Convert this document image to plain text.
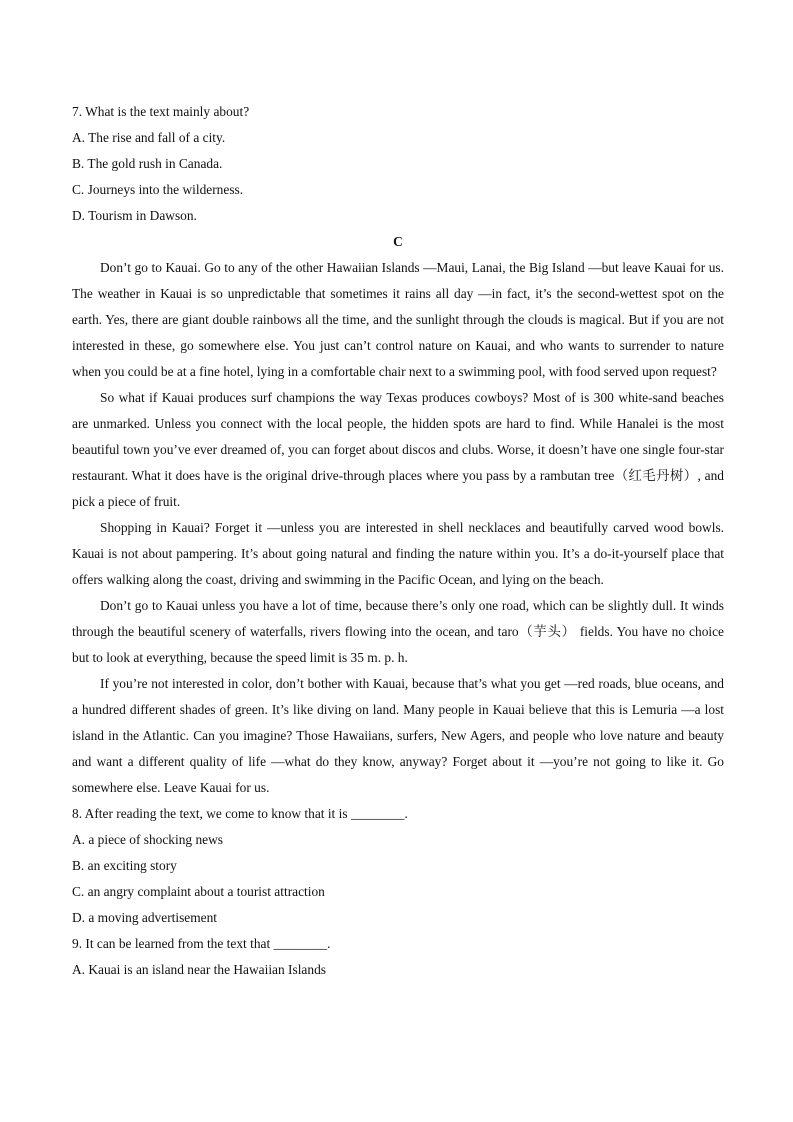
7. What is the text mainly about?
A. The rise and fall of a city.
B. The gold rush in Canada.
C. Journeys into the wilderness.
D. Tourism in Dawson.
C

Don’t go to Kauai. Go to any of the other Hawaiian Islands —Maui, Lanai, the Big Island —but leave Kauai for us. The weather in Kauai is so unpredictable that sometimes it rains all day —in fact, it’s the second-wettest spot on the earth. Yes, there are giant double rainbows all the time, and the sunlight through the clouds is magical. But if you are not interested in these, go somewhere else. You just can’t control nature on Kauai, and who wants to surrender to nature when you could be at a fine hotel, lying in a comfortable chair next to a swimming pool, with food served upon request?

So what if Kauai produces surf champions the way Texas produces cowboys? Most of is 300 white-sand beaches are unmarked. Unless you connect with the local people, the hidden spots are hard to find. While Hanalei is the most beautiful town you’ve ever dreamed of, you can forget about discos and clubs. Worse, it doesn’t have one single four-star restaurant. What it does have is the original drive-through places where you pass by a rambutan tree（红毛丹树）, and pick a piece of fruit.

Shopping in Kauai? Forget it —unless you are interested in shell necklaces and beautifully carved wood bowls. Kauai is not about pampering. It’s about going natural and finding the nature within you. It’s a do-it-yourself place that offers walking along the coast, driving and swimming in the Pacific Ocean, and lying on the beach.

Don’t go to Kauai unless you have a lot of time, because there’s only one road, which can be slightly dull. It winds through the beautiful scenery of waterfalls, rivers flowing into the ocean, and taro（芋头） fields. You have no choice but to look at everything, because the speed limit is 35 m. p. h.

If you’re not interested in color, don’t bother with Kauai, because that’s what you get —red roads, blue oceans, and a hundred different shades of green. It’s like diving on land. Many people in Kauai believe that this is Lemuria —a lost island in the Atlantic. Can you imagine? Those Hawaiians, surfers, New Agers, and people who love nature and beauty and want a different quality of life —what do they know, anyway? Forget about it —you’re not going to like it. Go somewhere else. Leave Kauai for us.

8. After reading the text, we come to know that it is ________.
A. a piece of shocking news
B. an exciting story
C. an angry complaint about a tourist attraction
D. a moving advertisement
9. It can be learned from the text that ________.
A. Kauai is an island near the Hawaiian Islands
